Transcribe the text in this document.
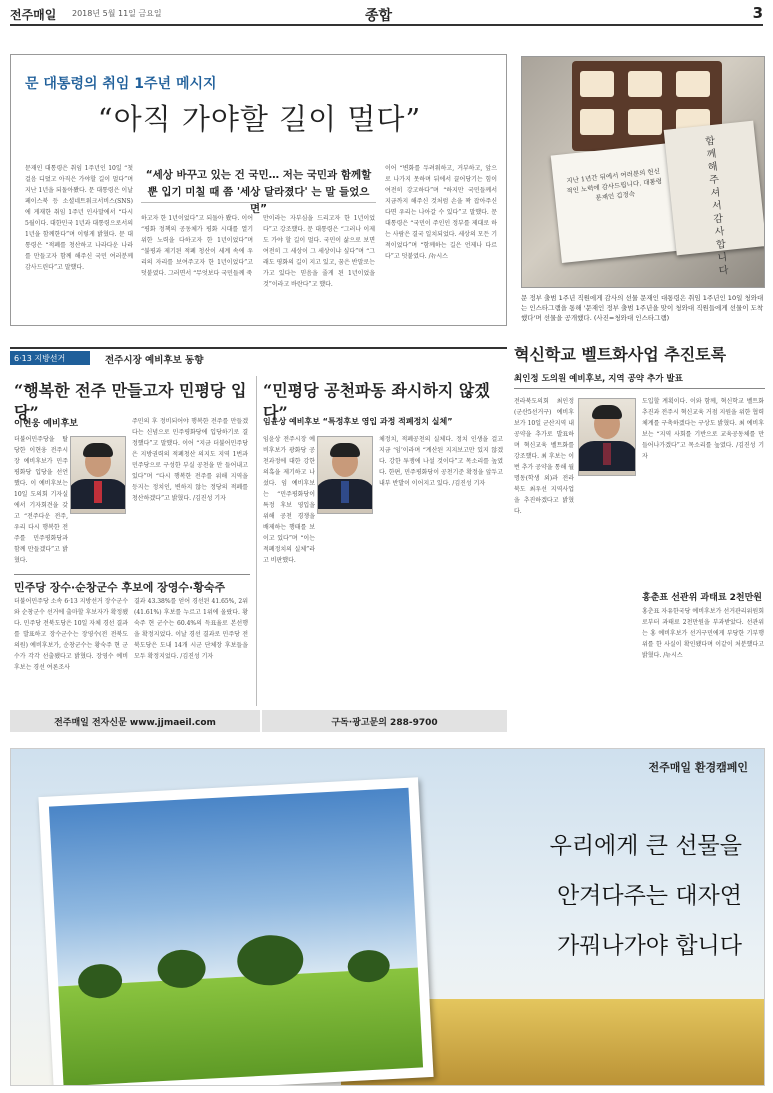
전주매일 2018년 5월 11일 금요일	종합	3
문 대통령의 취임 1주년 메시지
“아직 가야할 길이 멀다”
문재인 대통령은 취임 1주년인 10일 “첫 걸음 디뎠고 아직은 가야할 길이 멀다”며 지난 1년을 되돌아봤다. 문 대통령은 이날 페이스북 등 소셜네트워크서비스(SNS)에 게재한 취임 1주년 인사말에서 “다시 5월이다. 대한민국 1년과 대통령으로서의 1년을 함께한다”며 이렇게 밝혔다. 문 대통령은 “적폐를 청산하고 나라다운 나라를 만들고자 함께 해주신 국민 여러분께 감사드린다”고 말했다.
“세상 바꾸고 있는 건 국민… 저는 국민과 함께할 뿐 입기 미칠 때 쯤 '세상 달라졌다' 는 말 들었으면”
하고자 한 1년이었다”고 되돌아 봤다. 이어 “평화 정책의 공동체가 평화 시대를 열기 위한 노력을 다하고자 한 1년이었다”며 “불평과 제기된 적폐 청산이 세계 속에 우리의 자리를 보여주고자 한 1년이었다”고 덧붙였다. 그러면서 “무엇보다 국민들께 죽
만이라는 자부심을 드리고자 한 1년이었다”고 강조했다. 문 대통령은 “그러나 이제도 가야 할 길이 멀다. 국민이 삶으로 보면 여전히 그 세상이 그 세상이냐 싶다”며 “그래도 평화의 길이 지고 있고, 꿈은 반말로는 가고 있다는 믿음을 줄게 된 1년이었을 것”이라고 바란다”고 했다.
이어 “변화를 두려워하고, 거부하고, 앞으로 나가지 못하며 뒤에서 끌어당기는 힘이 여전히 강고하다”며 “하지만 국민들께서 지금까지 해주신 것처럼 손을 꽉 잡아주신다면 우리는 나아갈 수 있다”고 말했다. 문 대통령은 “국민이 주인인 정부를 제대로 하는 사람은 결국 일치되었다. 세상의 모든 기적이었다”며 “함께하는 길은 언제나 다르다”고 덧붙였다. /뉴시스
지난 1년간 뒤에서 여러분의 헌신적인 노력에 감사드립니다. 대통령 문재인 김정숙
함께 해주셔서 감사합니다
문 정부 출범 1주년 직원에게 감사의 선물 문재인 대통령은 취임 1주년인 10일 청와대는 인스타그램을 통해 '문재인 정부 출범 1주년을 맞이 청와대 직원들에게 선물이 도착했다'며 선물을 공개했다. (사진=청와대 인스타그램)
6·13 지방선거	전주시장 예비후보 동향
“행복한 전주 만들고자 민평당 입당”
이현웅 예비후보
더불어민주당을 탈당한 이현웅 전주시장 예비후보가 민주평화당 입당을 선언했다. 이 예비후보는 10일 도의회 기자실에서 기자회견을 갖고 “전주다운 전주, 우리 다시 행복한 전주를 민주평화당과 함께 만들겠다”고 밝혔다.
주민의 후 정비되어야 행복한 전주를 만들겠다는 신념으로 민주평화당에 입당하기로 결정했다”고 말했다. 이어 “지금 더불어민주당은 지방권력의 적폐청산 의지도 지역 1번과 민주당으로 구성한 부실 공천을 만 들어내고 있다”며 “다시 행복한 전주를 위해 지역을 등지는 정치인, 변하지 않는 정당의 적폐를 청산하겠다”고 밝혔다. /김진성 기자
민주당 장수·순창군수 후보에 장영수·황숙주
더불어민주당 소속 6·13 지방선거 장수군수와 순창군수 선거에 출마할 후보자가 확정됐다. 민주당 전북도당은 10일 자체 경선 결과를 발표하고 장수군수는 장영수(전 전북도의원) 예비후보가, 순창군수는 황숙주 현 군수가 각각 선출됐다고 밝혔다. 장영수 예비후보는 경선 여론조사
결과 43.38%를 얻어 경선된 41.65%, 2위(41.61%) 후보를 누르고 1위에 올랐다. 황숙주 현 군수는 60.4%의 득표율로 본선행을 확정지었다. 이날 경선 결과로 민주당 전북도당은 도내 14개 시군 단체장 후보들을 모두 확정지었다. /김진성 기자
“민평당 공천파동 좌시하지 않겠다”
임윤상 예비후보 “특정후보 영입 과정 적폐정치 실체”
임윤상 전주시장 예비후보가 광화당 공천과정에 대한 강한 의혹을 제기하고 나섰다. 임 예비후보는 “민주평화당이 특정 후보 영입을 위해 공천 경쟁을 배제하는 행태를 보이고 있다”며 “이는 적폐정치의 실체”라고 비판했다.
체정치, 적폐공천의 실체다. 정치 인생을 걸고 지금 ‘임’이라며 “계산된 지지보고만 있지 않겠다. 강한 투쟁에 나설 것이다”고 목소리를 높였다. 한편, 민주평화당이 공천기준 확정을 앞두고 내부 반발이 이어지고 있다. /김진성 기자
혁신학교 벨트화사업 추진토록
최인정 도의원 예비후보, 지역 공약 추가 발표
전라북도의회 최인정(군산5선거구) 예비후보가 10일 군산지역 내 공약을 추가로 발표하며 혁신교육 벨트화를 강조했다. 최 후보는 이번 추가 공약을 통해 월명동(학생 외)과 전라북도 최우선 지역사업을 추진하겠다고 밝혔다.
도입할 계획이다. 이와 함께, 혁신학교 벨트화 추진과 전주시 혁신교육 거점 지원을 위한 협력체계를 구축하겠다는 구상도 밝혔다. 최 예비후보는 “지역 사회를 기반으로 교육공동체를 만들어나가겠다”고 목소리를 높였다. /김진성 기자
홍춘표 선관위 과태료 2천만원
홍춘표 자유한국당 예비후보가 선거관리위원회로부터 과태료 2천만원을 부과받았다. 선관위는 홍 예비후보가 선거구민에게 부당한 기부행위를 한 사실이 확인됐다며 이같이 처분했다고 밝혔다. /뉴시스
전주매일 전자신문 www.jjmaeil.com	구독·광고문의 288-9700
전주매일 환경캠페인
우리에게 큰 선물을
안겨다주는 대자연
가꿔나가야 합니다
